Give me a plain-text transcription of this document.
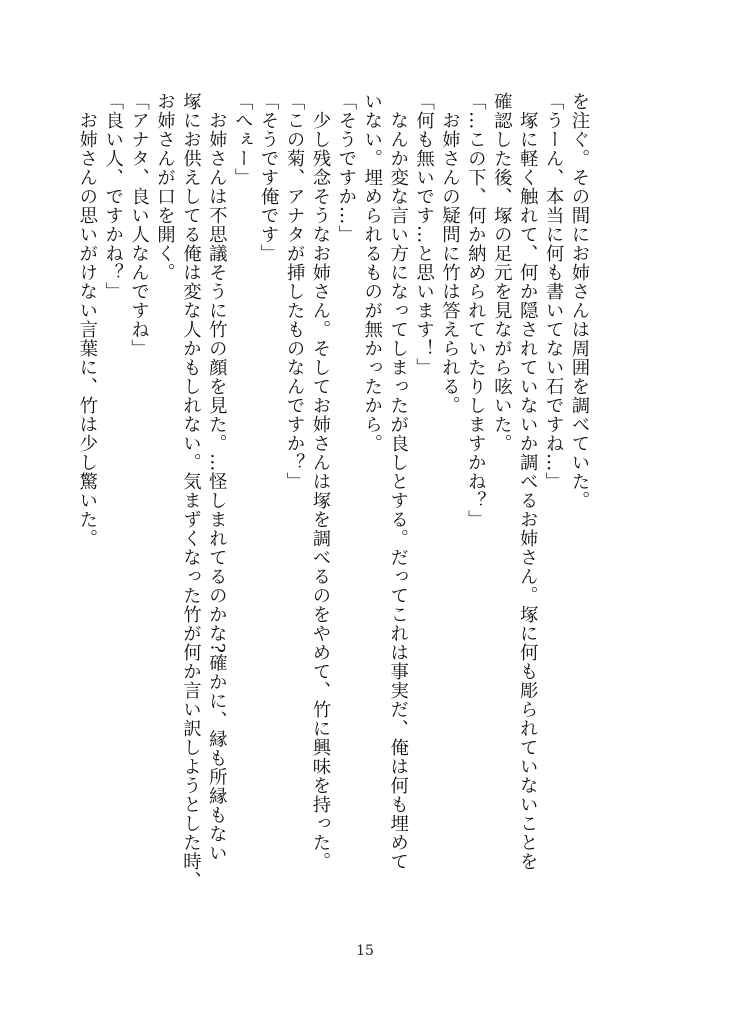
を注ぐ。その間にお姉さんは周囲を調べていた。
「うーん、本当に何も書いてない石ですね…」
　塚に軽く触れて、何か隠されていないか調べるお姉さん。塚に何も彫られていないことを
確認した後、塚の足元を見ながら呟いた。
「…この下、何か納められていたりしますかね？」
　お姉さんの疑問に竹は答えられる。
「何も無いです…と思います！」
　なんか変な言い方になってしまったが良しとする。だってこれは事実だ、俺は何も埋めて
いない。埋められるものが無かったから。
「そうですか…」
　少し残念そうなお姉さん。そしてお姉さんは塚を調べるのをやめて、竹に興味を持った。
「この菊、アナタが挿したものなんですか？」
「そうです俺です」
「へぇー」
　お姉さんは不思議そうに竹の顔を見た。…怪しまれてるのかな?確かに、縁も所縁もない
塚にお供えしてる俺は変な人かもしれない。気まずくなった竹が何か言い訳しようとした時、
お姉さんが口を開く。
「アナタ、良い人なんですね」
「良い人、ですかね？」
　お姉さんの思いがけない言葉に、竹は少し驚いた。
15
